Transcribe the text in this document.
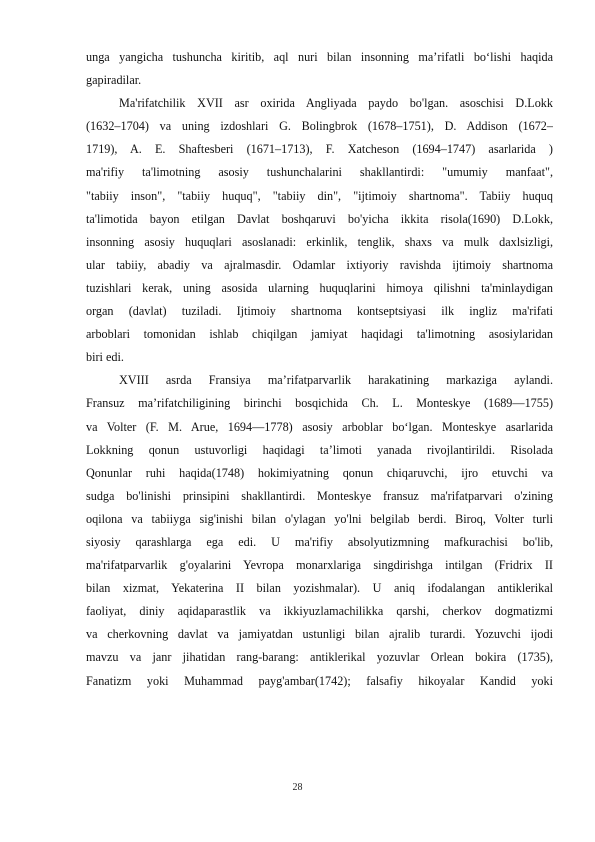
unga yangicha tushuncha kiritib, aql nuri bilan insonning maʼrifatli boʻlishi haqida
gapiradilar.
Ma'rifatchilik XVII asr oxirida Angliyada paydo bo'lgan. asoschisi D.Lokk
(1632–1704) va uning izdoshlari G. Bolingbrok (1678–1751), D. Addison (1672–
1719), A. E. Shaftesberi (1671–1713), F. Xatcheson (1694–1747) asarlarida )
ma'rifiy ta'limotning asosiy tushunchalarini shakllantirdi: "umumiy manfaat",
"tabiiy inson", "tabiiy huquq", "tabiiy din", "ijtimoiy shartnoma". Tabiiy huquq
ta'limotida bayon etilgan Davlat boshqaruvi bo'yicha ikkita risola(1690) D.Lokk,
insonning asosiy huquqlari asoslanadi: erkinlik, tenglik, shaxs va mulk daxlsizligi,
ular tabiiy, abadiy va ajralmasdir. Odamlar ixtiyoriy ravishda ijtimoiy shartnoma
tuzishlari kerak, uning asosida ularning huquqlarini himoya qilishni ta'minlaydigan
organ (davlat) tuziladi. Ijtimoiy shartnoma kontseptsiyasi ilk ingliz ma'rifati
arboblari tomonidan ishlab chiqilgan jamiyat haqidagi ta'limotning asosiylaridan
biri edi.
XVIII asrda Fransiya maʼrifatparvarlik harakatining markaziga aylandi.
Fransuz maʼrifatchiligining birinchi bosqichida Ch. L. Monteskye (1689—1755)
va Volter (F. M. Arue, 1694—1778) asosiy arboblar boʻlgan. Monteskye asarlarida
Lokkning qonun ustuvorligi haqidagi taʼlimoti yanada rivojlantirildi. Risolada
Qonunlar ruhi haqida(1748) hokimiyatning qonun chiqaruvchi, ijro etuvchi va
sudga bo'linishi prinsipini shakllantirdi. Monteskye fransuz ma'rifatparvari o'zining
oqilona va tabiiyga sig'inishi bilan o'ylagan yo'lni belgilab berdi. Biroq, Volter turli
siyosiy qarashlarga ega edi. U ma'rifiy absolyutizmning mafkurachisi bo'lib,
ma'rifatparvarlik g'oyalarini Yevropa monarxlariga singdirishga intilgan (Fridrix II
bilan xizmat, Yekaterina II bilan yozishmalar). U aniq ifodalangan antiklerikal
faoliyat, diniy aqidaparastlik va ikkiyuzlamachilikka qarshi, cherkov dogmatizmi
va cherkovning davlat va jamiyatdan ustunligi bilan ajralib turardi. Yozuvchi ijodi
mavzu va janr jihatidan rang-barang: antiklerikal yozuvlar Orlean bokira (1735),
Fanatizm yoki Muhammad payg'ambar(1742); falsafiy hikoyalar Kandid yoki
28
